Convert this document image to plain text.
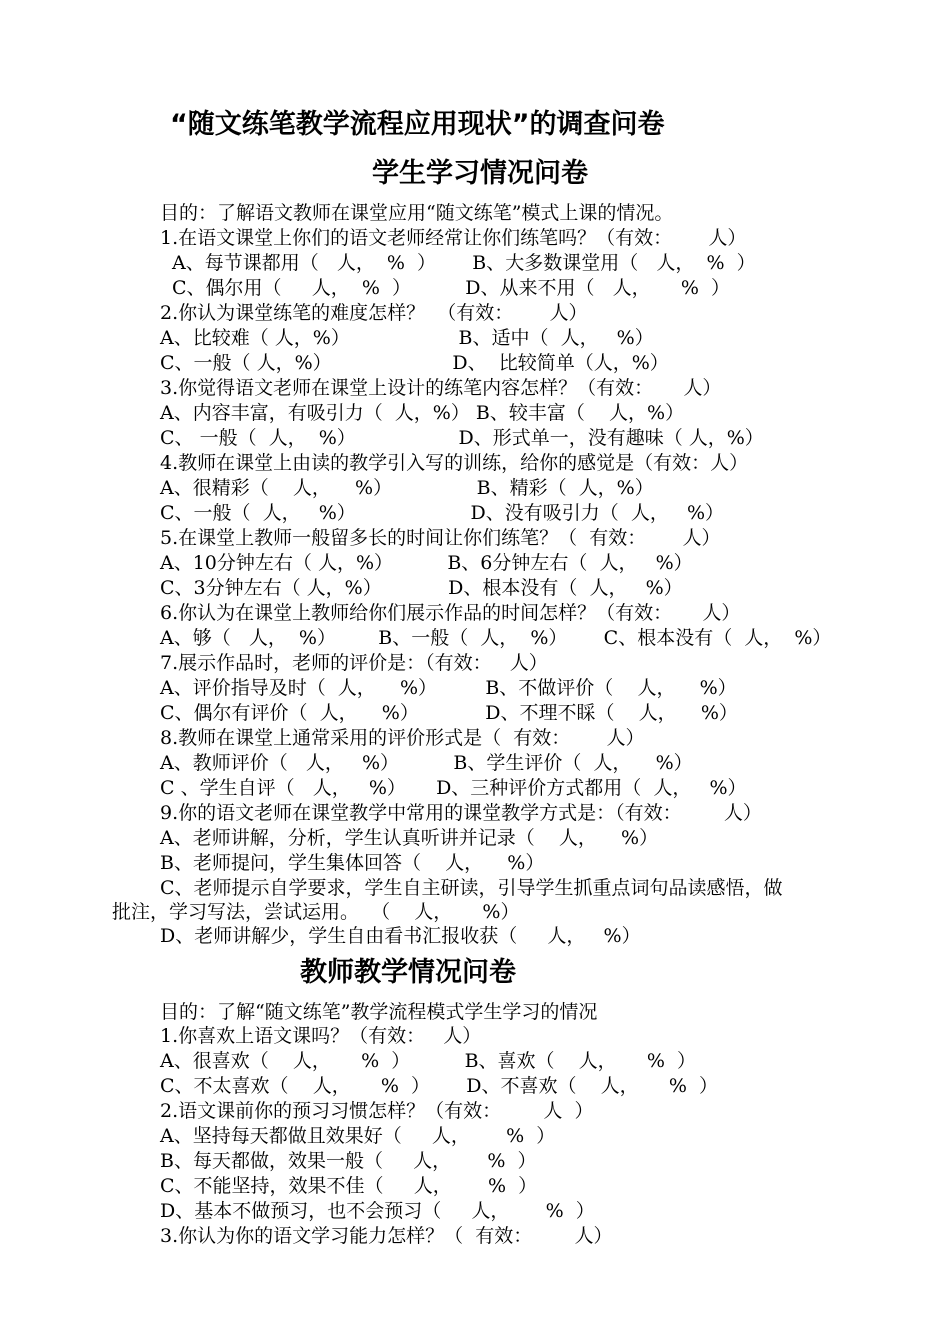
“随文练笔教学流程应用现状”的调查问卷
学生学习情况问卷
目的：了解语文教师在课堂应用“随文练笔”模式上课的情况。
1.在语文课堂上你们的语文老师经常让你们练笔吗？（有效：      人）
A、每节课都用（   人，  %  ）      B、大多数课堂用（   人，  %  ）
C、偶尔用（     人，  %  ）         D、从来不用（   人，     %  ）
2.你认为课堂练笔的难度怎样？  （有效：      人）
A、比较难（ 人，%）                  B、适中（  人，   %）
C、一般（ 人，%）                    D、  比较简单（人，%）
3.你觉得语文老师在课堂上设计的练笔内容怎样？（有效：     人）
A、内容丰富，有吸引力（  人，%） B、较丰富（    人，%）
C、 一般（  人，  %）                 D、形式单一，没有趣味（ 人，%）
4.教师在课堂上由读的教学引入写的训练，给你的感觉是（有效：人）
A、很精彩（    人，    %）              B、精彩（  人，%）
C、一般（  人，   %）                   D、没有吸引力（  人，   %）
5.在课堂上教师一般留多长的时间让你们练笔？（  有效：      人）
A、10分钟左右（ 人，%）         B、6分钟左右（  人，   %）
C、3分钟左右（ 人，%）           D、根本没有（  人，   %）
6.你认为在课堂上教师给你们展示作品的时间怎样？（有效：     人）
A、够（   人，  %）       B、一般（  人，  %）      C、根本没有（  人，  %）
7.展示作品时，老师的评价是：（有效：   人）
A、评价指导及时（  人，    %）        B、不做评价（    人，    %）
C、偶尔有评价（  人，    %）           D、不理不睬（    人，    %）
8.教师在课堂上通常采用的评价形式是（  有效：      人）
A、教师评价（   人，   %）         B、学生评价（  人，    %）
C 、学生自评（   人，   %）     D、三种评价方式都用（  人，   %）
9.你的语文老师在课堂教学中常用的课堂教学方式是：（有效：       人）
A、老师讲解，分析，学生认真听讲并记录（    人，    %）
B、老师提问，学生集体回答（    人，    %）
C、老师提示自学要求，学生自主研读，引导学生抓重点词句品读感悟，做
批注，学习写法，尝试运用。  （    人，     %）
D、老师讲解少，学生自由看书汇报收获（     人，   %）
教师教学情况问卷
目的：了解“随文练笔”教学流程模式学生学习的情况
1.你喜欢上语文课吗？（有效：   人）
A、很喜欢（    人，     %  ）         B、喜欢（    人，     %  ）
C、不太喜欢（    人，     %  ）      D、不喜欢（    人，     %  ）
2.语文课前你的预习习惯怎样？（有效：       人  ）
A、坚持每天都做且效果好（     人，      %  ）
B、每天都做，效果一般（     人，      %  ）
C、不能坚持，效果不佳（     人，      %  ）
D、基本不做预习，也不会预习（     人，      %  ）
3.你认为你的语文学习能力怎样？（  有效：       人）
